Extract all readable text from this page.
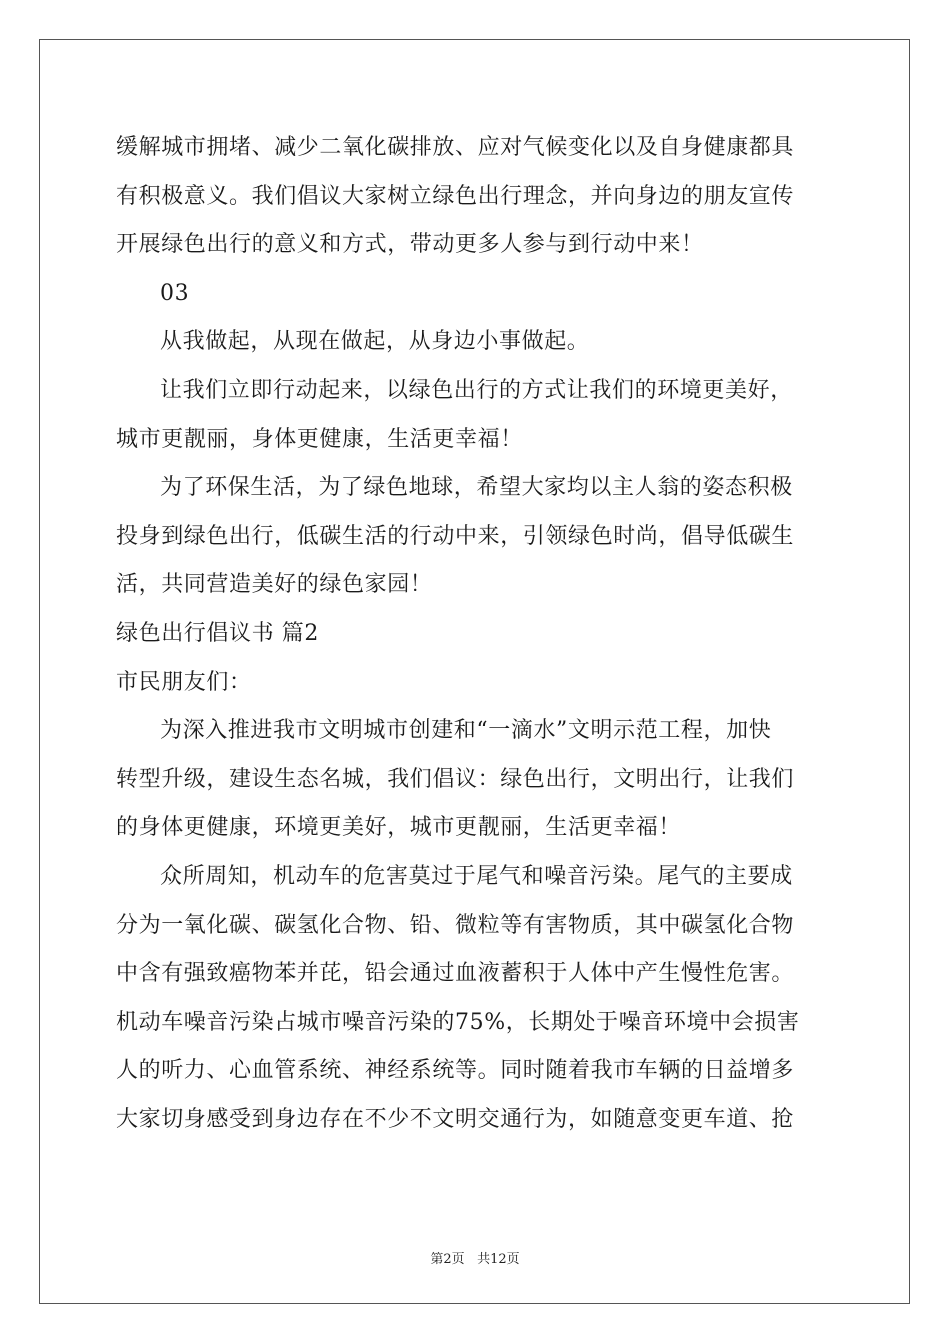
缓解城市拥堵、减少二氧化碳排放、应对气候变化以及自身健康都具

有积极意义。我们倡议大家树立绿色出行理念，并向身边的朋友宣传

开展绿色出行的意义和方式，带动更多人参与到行动中来！

03

从我做起，从现在做起，从身边小事做起。

让我们立即行动起来，以绿色出行的方式让我们的环境更美好，

城市更靓丽，身体更健康，生活更幸福！

为了环保生活，为了绿色地球，希望大家均以主人翁的姿态积极

投身到绿色出行，低碳生活的行动中来，引领绿色时尚，倡导低碳生

活，共同营造美好的绿色家园！

绿色出行倡议书 篇2

市民朋友们：

为深入推进我市文明城市创建和“一滴水”文明示范工程，加快

转型升级，建设生态名城，我们倡议：绿色出行，文明出行，让我们

的身体更健康，环境更美好，城市更靓丽，生活更幸福！

众所周知，机动车的危害莫过于尾气和噪音污染。尾气的主要成

分为一氧化碳、碳氢化合物、铅、微粒等有害物质，其中碳氢化合物

中含有强致癌物苯并芘，铅会通过血液蓄积于人体中产生慢性危害。

机动车噪音污染占城市噪音污染的75%，长期处于噪音环境中会损害

人的听力、心血管系统、神经系统等。同时随着我市车辆的日益增多

大家切身感受到身边存在不少不文明交通行为，如随意变更车道、抢

第2页 共12页
